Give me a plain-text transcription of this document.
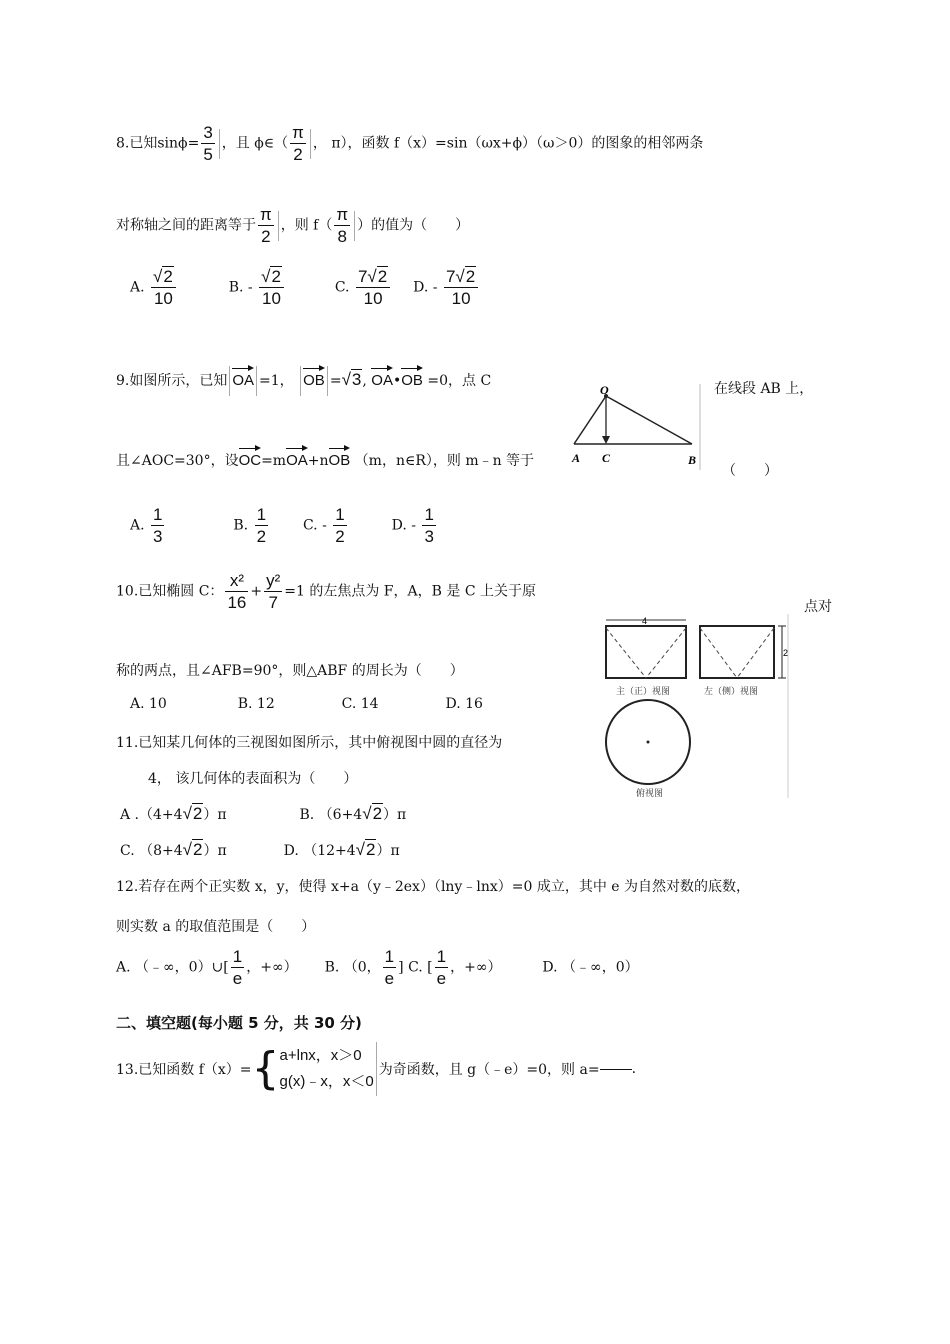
8.已知$\sin\phi= \frac{3}{5}$ ，且 ϕ∈（ $\frac{\pi}{2}$ ， π），函数 f（x）=sin（ωx+ϕ）（ω＞0）的图象的相邻两条
对称轴之间的距离等于 $\frac{\pi}{2}$ ，则 $f( \frac{\pi}{8}$ ）的值为（　　）
A. $\frac{√2}{10}$	B. - $\frac{√2}{10}$	C. $\frac{7√2}{10} D$. - $\frac{7√2}{10}$
9.如图所示，已知 OA =1， OB =√3, OA•OB =0，点 C	在线段 AB 上，
且∠AOC=30°，设OC=mOA+nOB （m，n∈R），则 m﹣n 等于
（　　）
O
A C	B
A. $\frac{1}{3}$	B. $\frac{1}{2} C$. - $\frac{1}{2}$	D. - $\frac{1}{3}$
10.已知椭圆 C： $\frac{\text{x²}}{16} + \frac{\text{y²}}{7} =1$ 的左焦点为 F，A，B 是 C 上关于原
点对
称的两点，且∠AFB=90°，则△ABF 的周长为（　　）
A. 10	B. 12	C. 14	D. 16
4
主（正）视图
2
左（侧）视图
俯视图
11.已知某几何体的三视图如图所示，其中俯视图中圆的直径为
4， 该几何体的表面积为（　　）
A .（4+4√2）π	B. （6+4√2）π
C. （8+4√2）π	D. （12+4√2）π
12.若存在两个正实数 x，y，使得 x+a（y﹣2ex）（lny﹣lnx）=0 成立，其中 e 为自然对数的底数，
则实数 a 的取值范围是（　　）
A. （﹣∞，0）∪[ $\frac{1}{e}$ ，+∞） B. （0， $\frac{1}{e}$ ] C. [ $\frac{1}{e}$ ，+∞）	D. （﹣∞，0）
二、填空题(每小题 5 分，共 30 分)
13.已知函数 f（x）={ a+lnx，x＞0
g(x)﹣x，x＜0
为奇函数，且 g（﹣e）=0，则 a= .
